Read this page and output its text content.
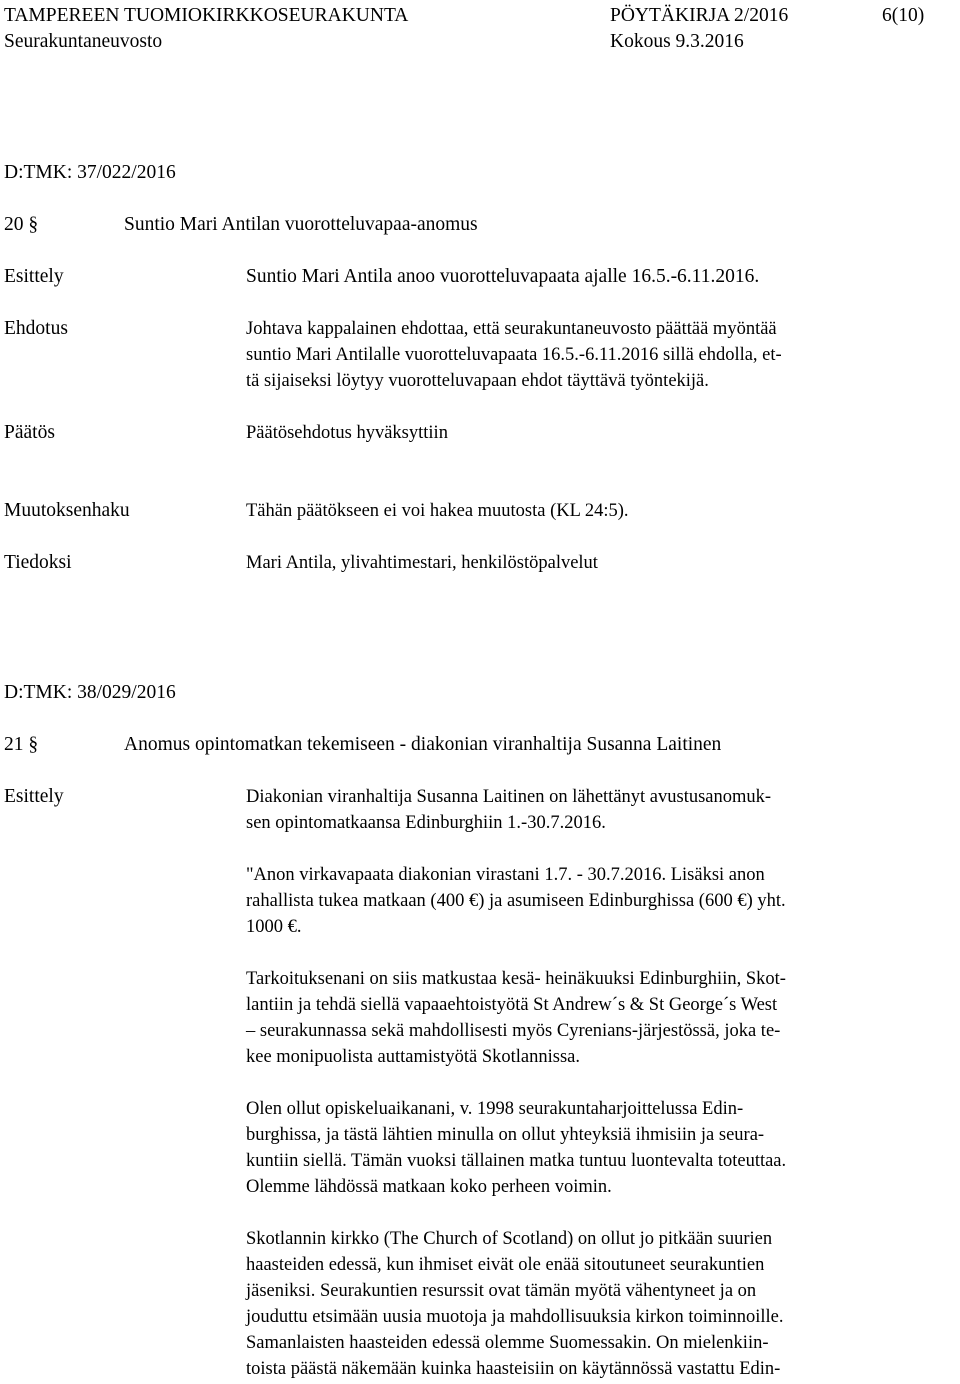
TAMPEREEN TUOMIOKIRKKOSEURAKUNTA	PÖYTÄKIRJA 2/2016	6(10)
Seurakuntaneuvosto	Kokous 9.3.2016
D:TMK: 37/022/2016
20 §	Suntio Mari Antilan vuorotteluvapaa-anomus
Esittely	Suntio Mari Antila anoo vuorotteluvapaata ajalle 16.5.-6.11.2016.
Ehdotus	Johtava kappalainen ehdottaa, että seurakuntaneuvosto päättää myöntää
suntio Mari Antilalle vuorotteluvapaata 16.5.-6.11.2016 sillä ehdolla, et-
tä sijaiseksi löytyy vuorotteluvapaan ehdot täyttävä työntekijä.
Päätös	Päätösehdotus hyväksyttiin
Muutoksenhaku	Tähän päätökseen ei voi hakea muutosta (KL 24:5).
Tiedoksi	Mari Antila, ylivahtimestari, henkilöstöpalvelut
D:TMK: 38/029/2016
21 §	Anomus opintomatkan tekemiseen - diakonian viranhaltija Susanna Laitinen
Esittely	Diakonian viranhaltija Susanna Laitinen on lähettänyt avustusanomuk-
sen opintomatkaansa Edinburghiin 1.-30.7.2016.
"Anon virkavapaata diakonian virastani 1.7. - 30.7.2016. Lisäksi anon
rahallista tukea matkaan (400 €) ja asumiseen Edinburghissa (600 €) yht.
1000 €.
Tarkoituksenani on siis matkustaa kesä- heinäkuuksi Edinburghiin, Skot-
lantiin ja tehdä siellä vapaaehtoistyötä St Andrew´s & St George´s West
– seurakunnassa sekä mahdollisesti myös Cyrenians-järjestössä, joka te-
kee monipuolista auttamistyötä Skotlannissa.
Olen ollut opiskeluaikanani, v. 1998 seurakuntaharjoittelussa Edin-
burghissa, ja tästä lähtien minulla on ollut yhteyksiä ihmisiin ja seura-
kuntiin siellä. Tämän vuoksi tällainen matka tuntuu luontevalta toteuttaa.
Olemme lähdössä matkaan koko perheen voimin.
Skotlannin kirkko (The Church of Scotland) on ollut jo pitkään suurien
haasteiden edessä, kun ihmiset eivät ole enää sitoutuneet seurakuntien
jäseniksi. Seurakuntien resurssit ovat tämän myötä vähentyneet ja on
jouduttu etsimään uusia muotoja ja mahdollisuuksia kirkon toiminnoille.
Samanlaisten haasteiden edessä olemme Suomessakin. On mielenkiin-
toista päästä näkemään kuinka haasteisiin on käytännössä vastattu Edin-
